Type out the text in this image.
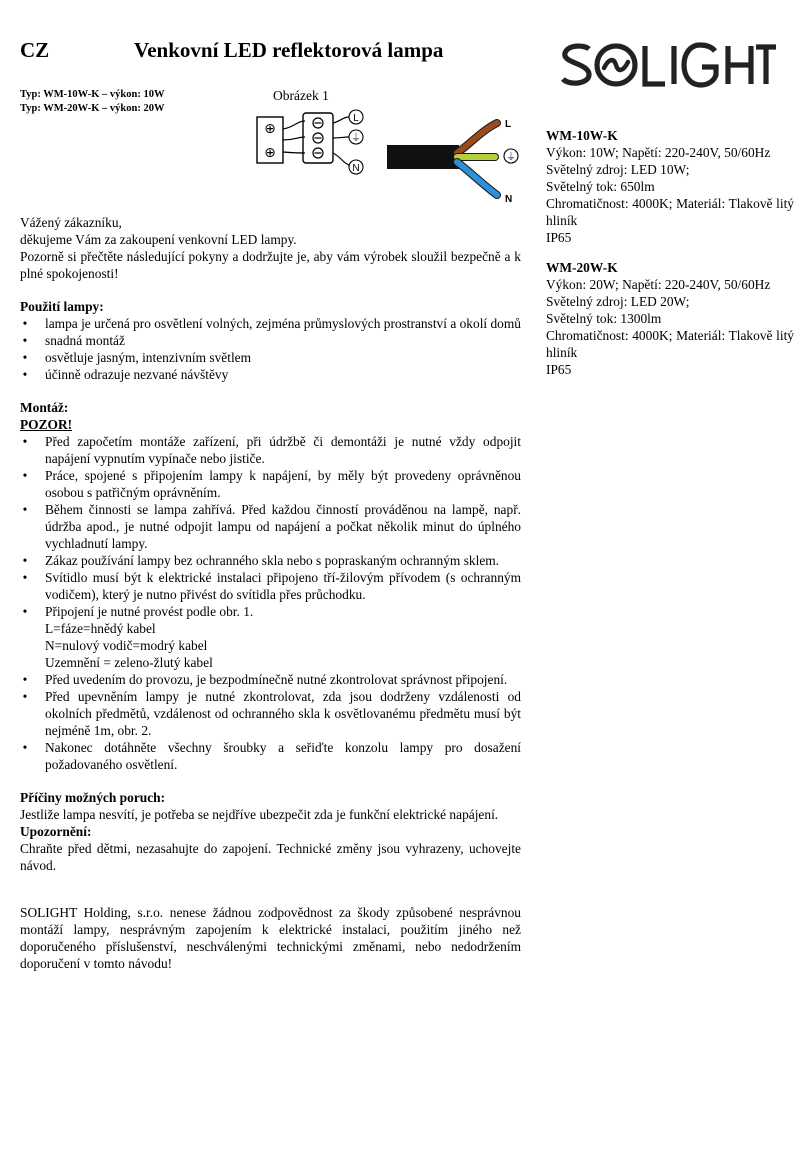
CZ	Venkovní LED reflektorová lampa
Typ: WM-10W-K – výkon: 10W
Typ: WM-20W-K – výkon: 20W
Obrázek 1
⊕
⊕
L
⏚
N
L
⏚
N
WM-10W-K
Výkon: 10W; Napětí: 220-240V, 50/60Hz
Světelný zdroj: LED 10W;
Světelný tok: 650lm
Chromatičnost: 4000K; Materiál: Tlakově litý hliník
IP65
WM-20W-K
Výkon: 20W; Napětí: 220-240V, 50/60Hz
Světelný zdroj: LED 20W;
Světelný tok: 1300lm
Chromatičnost: 4000K; Materiál: Tlakově litý hliník
IP65
Vážený zákazníku,
děkujeme Vám za zakoupení venkovní LED lampy.
Pozorně si přečtěte následující pokyny a dodržujte je, aby vám výrobek sloužil bezpečně a k plné spokojenosti!
Použití lampy:
• lampa je určená pro osvětlení volných, zejména průmyslových prostranství a okolí domů
• snadná montáž
• osvětluje jasným, intenzivním světlem
• účinně odrazuje nezvané návštěvy
Montáž:
POZOR!
• Před započetím montáže zařízení, při údržbě či demontáži je nutné vždy odpojit napájení vypnutím vypínače nebo jističe.
• Práce, spojené s připojením lampy k napájení, by měly být provedeny oprávněnou osobou s patřičným oprávněním.
• Během činnosti se lampa zahřívá. Před každou činností prováděnou na lampě, např. údržba apod., je nutné odpojit lampu od napájení a počkat několik minut do úplného vychladnutí lampy.
• Zákaz používání lampy bez ochranného skla nebo s popraskaným ochranným sklem.
• Svítidlo musí být k elektrické instalaci připojeno tří-žilovým přívodem (s ochranným vodičem), který je nutno přivést do svítidla přes průchodku.
• Připojení je nutné provést podle obr. 1.
L=fáze=hnědý kabel
N=nulový vodič=modrý kabel
Uzemnění = zeleno-žlutý kabel
• Před uvedením do provozu, je bezpodmínečně nutné zkontrolovat správnost připojení.
• Před upevněním lampy je nutné zkontrolovat, zda jsou dodrženy vzdálenosti od okolních předmětů, vzdálenost od ochranného skla k osvětlovanému předmětu musí být nejméně 1m, obr. 2.
• Nakonec dotáhněte všechny šroubky a seřiďte konzolu lampy pro dosažení požadovaného osvětlení.
Příčiny možných poruch:
Jestliže lampa nesvítí, je potřeba se nejdříve ubezpečit zda je funkční elektrické napájení.
Upozornění:
Chraňte před dětmi, nezasahujte do zapojení. Technické změny jsou vyhrazeny, uchovejte návod.
SOLIGHT Holding, s.r.o. nenese žádnou zodpovědnost za škody způsobené nesprávnou montáží lampy, nesprávným zapojením k elektrické instalaci, použitím jiného než doporučeného příslušenství, neschválenými technickými změnami, nebo nedodržením doporučení v tomto návodu!
